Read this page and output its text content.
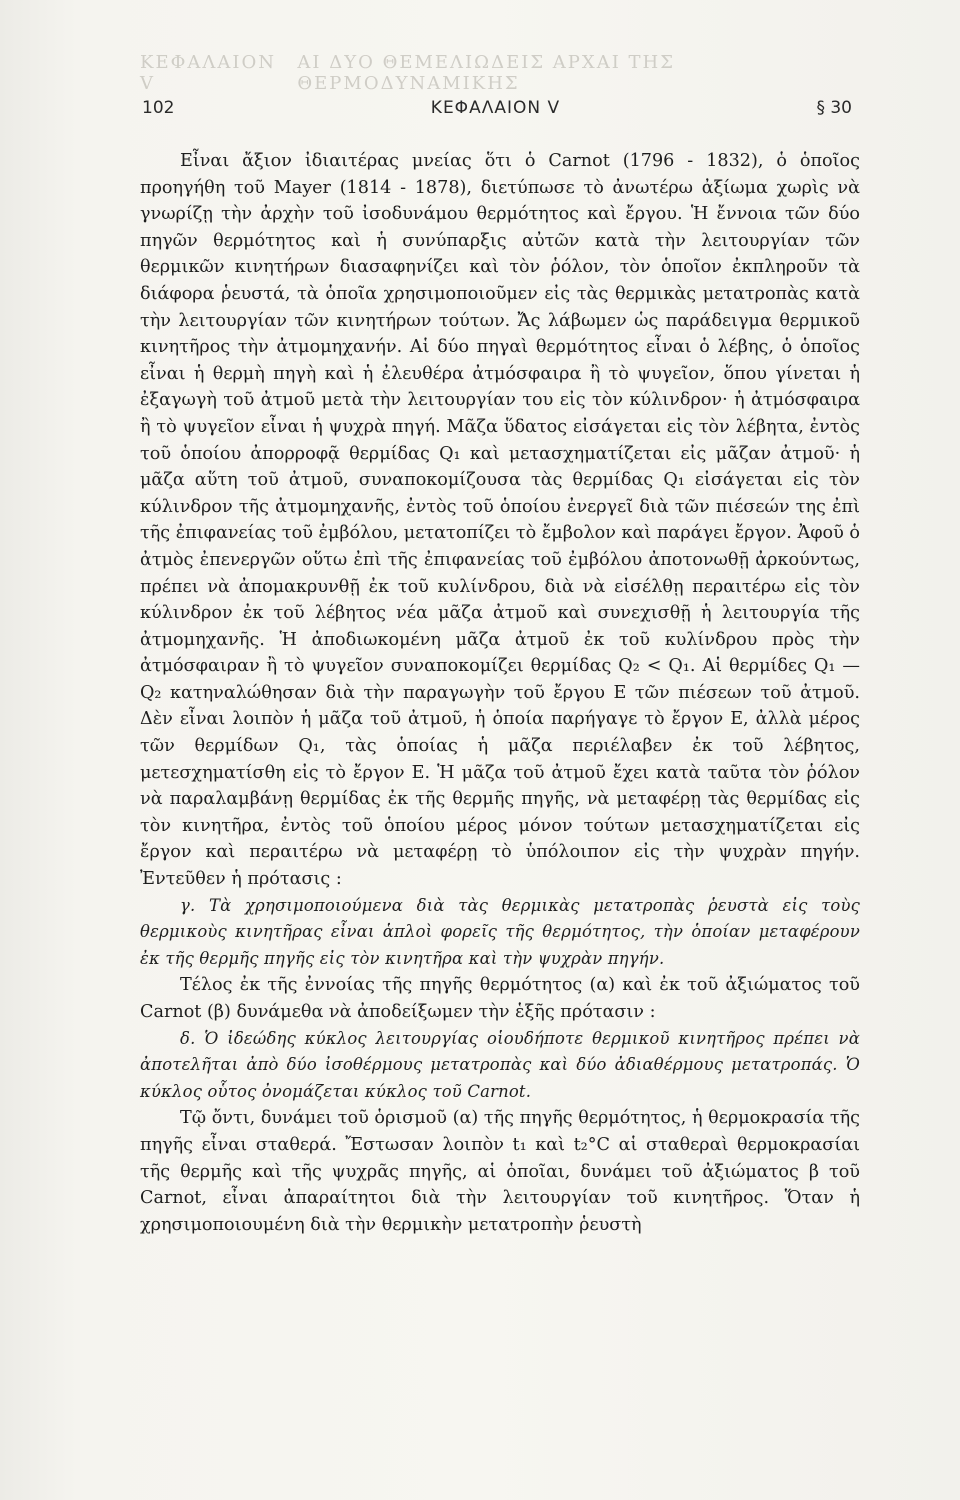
ΚΕΦΑΛΑΙΟΝ V
ΑΙ ΔΥΟ ΘΕΜΕΛΙΩΔΕΙΣ ΑΡΧΑΙ ΤΗΣ ΘΕΡΜΟΔΥΝΑΜΙΚΗΣ
102	ΚΕΦΑΛΑΙΟΝ V	§ 30

Εἶναι ἄξιον ἰδιαιτέρας μνείας ὅτι ὁ Carnot (1796 - 1832), ὁ ὁποῖος προηγήθη τοῦ Mayer (1814 - 1878), διετύπωσε τὸ ἀνωτέρω ἀξίωμα χωρὶς νὰ γνωρίζῃ τὴν ἀρχὴν τοῦ ἰσοδυνάμου θερμότητος καὶ ἔργου. Ἡ ἔννοια τῶν δύο πηγῶν θερμότητος καὶ ἡ συνύπαρξις αὐτῶν κατὰ τὴν λειτουργίαν τῶν θερμικῶν κινητήρων διασαφηνίζει καὶ τὸν ῥόλον, τὸν ὁποῖον ἐκπληροῦν τὰ διάφορα ῥευστά, τὰ ὁποῖα χρησιμοποιοῦμεν εἰς τὰς θερμικὰς μετατροπὰς κατὰ τὴν λειτουργίαν τῶν κινητήρων τούτων. Ἄς λάβωμεν ὡς παράδειγμα θερμικοῦ κινητῆρος τὴν ἀτμομηχανήν. Αἱ δύο πηγαὶ θερμότητος εἶναι ὁ λέβης, ὁ ὁποῖος εἶναι ἡ θερμὴ πηγὴ καὶ ἡ ἐλευθέρα ἀτμόσφαιρα ἢ τὸ ψυγεῖον, ὅπου γίνεται ἡ ἐξαγωγὴ τοῦ ἀτμοῦ μετὰ τὴν λειτουργίαν του εἰς τὸν κύλινδρον· ἡ ἀτμόσφαιρα ἢ τὸ ψυγεῖον εἶναι ἡ ψυχρὰ πηγή. Μᾶζα ὕδατος εἰσάγεται εἰς τὸν λέβητα, ἐντὸς τοῦ ὁποίου ἀπορροφᾷ θερμίδας Q₁ καὶ μετασχηματίζεται εἰς μᾶζαν ἀτμοῦ· ἡ μᾶζα αὕτη τοῦ ἀτμοῦ, συναποκομίζουσα τὰς θερμίδας Q₁ εἰσάγεται εἰς τὸν κύλινδρον τῆς ἀτμομηχανῆς, ἐντὸς τοῦ ὁποίου ἐνεργεῖ διὰ τῶν πιέσεών της ἐπὶ τῆς ἐπιφανείας τοῦ ἐμβόλου, μετατοπίζει τὸ ἔμβολον καὶ παράγει ἔργον. Ἀφοῦ ὁ ἀτμὸς ἐπενεργῶν οὕτω ἐπὶ τῆς ἐπιφανείας τοῦ ἐμβόλου ἀποτονωθῇ ἀρκούντως, πρέπει νὰ ἀπομακρυνθῇ ἐκ τοῦ κυλίνδρου, διὰ νὰ εἰσέλθῃ περαιτέρω εἰς τὸν κύλινδρον ἐκ τοῦ λέβητος νέα μᾶζα ἀτμοῦ καὶ συνεχισθῇ ἡ λειτουργία τῆς ἀτμομηχανῆς. Ἡ ἀποδιωκομένη μᾶζα ἀτμοῦ ἐκ τοῦ κυλίνδρου πρὸς τὴν ἀτμόσφαιραν ἢ τὸ ψυγεῖον συναποκομίζει θερμίδας Q₂ < Q₁. Αἱ θερμίδες Q₁ — Q₂ κατηναλώθησαν διὰ τὴν παραγωγὴν τοῦ ἔργου E τῶν πιέσεων τοῦ ἀτμοῦ. Δὲν εἶναι λοιπὸν ἡ μᾶζα τοῦ ἀτμοῦ, ἡ ὁποία παρήγαγε τὸ ἔργον E, ἀλλὰ μέρος τῶν θερμίδων Q₁, τὰς ὁποίας ἡ μᾶζα περιέλαβεν ἐκ τοῦ λέβητος, μετεσχηματίσθη εἰς τὸ ἔργον E. Ἡ μᾶζα τοῦ ἀτμοῦ ἔχει κατὰ ταῦτα τὸν ῥόλον νὰ παραλαμβάνῃ θερμίδας ἐκ τῆς θερμῆς πηγῆς, νὰ μεταφέρῃ τὰς θερμίδας εἰς τὸν κινητῆρα, ἐντὸς τοῦ ὁποίου μέρος μόνον τούτων μετασχηματίζεται εἰς ἔργον καὶ περαιτέρω νὰ μεταφέρῃ τὸ ὑπόλοιπον εἰς τὴν ψυχρὰν πηγήν. Ἐντεῦθεν ἡ πρότασις :

γ. Τὰ χρησιμοποιούμενα διὰ τὰς θερμικὰς μετατροπὰς ῥευστὰ εἰς τοὺς θερμικοὺς κινητῆρας εἶναι ἁπλοὶ φορεῖς τῆς θερμότητος, τὴν ὁποίαν μεταφέρουν ἐκ τῆς θερμῆς πηγῆς εἰς τὸν κινητῆρα καὶ τὴν ψυχρὰν πηγήν.

Τέλος ἐκ τῆς ἐννοίας τῆς πηγῆς θερμότητος (α) καὶ ἐκ τοῦ ἀξιώματος τοῦ Carnot (β) δυνάμεθα νὰ ἀποδείξωμεν τὴν ἑξῆς πρότασιν :

δ. Ὁ ἰδεώδης κύκλος λειτουργίας οἱουδήποτε θερμικοῦ κινητῆρος πρέπει νὰ ἀποτελῆται ἀπὸ δύο ἰσοθέρμους μετατροπὰς καὶ δύο ἀδιαθέρμους μετατροπάς. Ὁ κύκλος οὗτος ὀνομάζεται κύκλος τοῦ Carnot.

Τῷ ὄντι, δυνάμει τοῦ ὁρισμοῦ (α) τῆς πηγῆς θερμότητος, ἡ θερμοκρασία τῆς πηγῆς εἶναι σταθερά. Ἔστωσαν λοιπὸν t₁ καὶ t₂°C αἱ σταθεραὶ θερμοκρασίαι τῆς θερμῆς καὶ τῆς ψυχρᾶς πηγῆς, αἱ ὁποῖαι, δυνάμει τοῦ ἀξιώματος β τοῦ Carnot, εἶναι ἀπαραίτητοι διὰ τὴν λειτουργίαν τοῦ κινητῆρος. Ὅταν ἡ χρησιμοποιουμένη διὰ τὴν θερμικὴν μετατροπὴν ῥευστὴ
